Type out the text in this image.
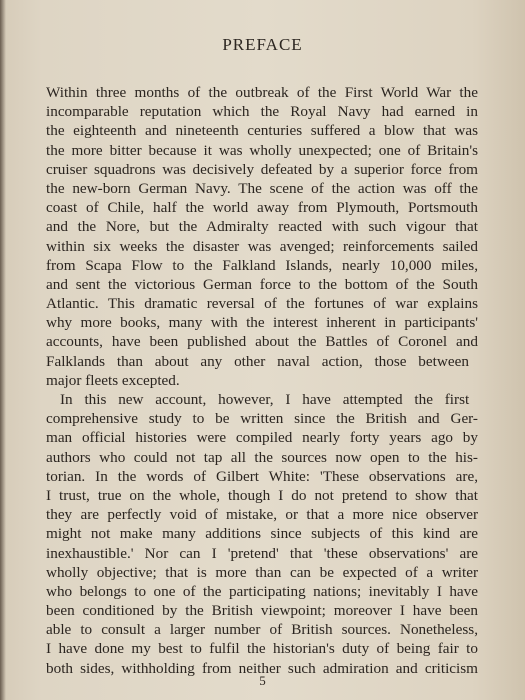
PREFACE
Within three months of the outbreak of the First World War the
incomparable reputation which the Royal Navy had earned in
the eighteenth and nineteenth centuries suffered a blow that was
the more bitter because it was wholly unexpected; one of Britain's
cruiser squadrons was decisively defeated by a superior force from
the new-born German Navy. The scene of the action was off the
coast of Chile, half the world away from Plymouth, Portsmouth
and the Nore, but the Admiralty reacted with such vigour that
within six weeks the disaster was avenged; reinforcements sailed
from Scapa Flow to the Falkland Islands, nearly 10,000 miles,
and sent the victorious German force to the bottom of the South
Atlantic. This dramatic reversal of the fortunes of war explains
why more books, many with the interest inherent in participants'
accounts, have been published about the Battles of Coronel and
Falklands than about any other naval action, those between
major fleets excepted.
In this new account, however, I have attempted the first
comprehensive study to be written since the British and Ger-
man official histories were compiled nearly forty years ago by
authors who could not tap all the sources now open to the his-
torian. In the words of Gilbert White: 'These observations are,
I trust, true on the whole, though I do not pretend to show that
they are perfectly void of mistake, or that a more nice observer
might not make many additions since subjects of this kind are
inexhaustible.' Nor can I 'pretend' that 'these observations' are
wholly objective; that is more than can be expected of a writer
who belongs to one of the participating nations; inevitably I have
been conditioned by the British viewpoint; moreover I have been
able to consult a larger number of British sources. Nonetheless,
I have done my best to fulfil the historian's duty of being fair to
both sides, withholding from neither such admiration and criticism
5
